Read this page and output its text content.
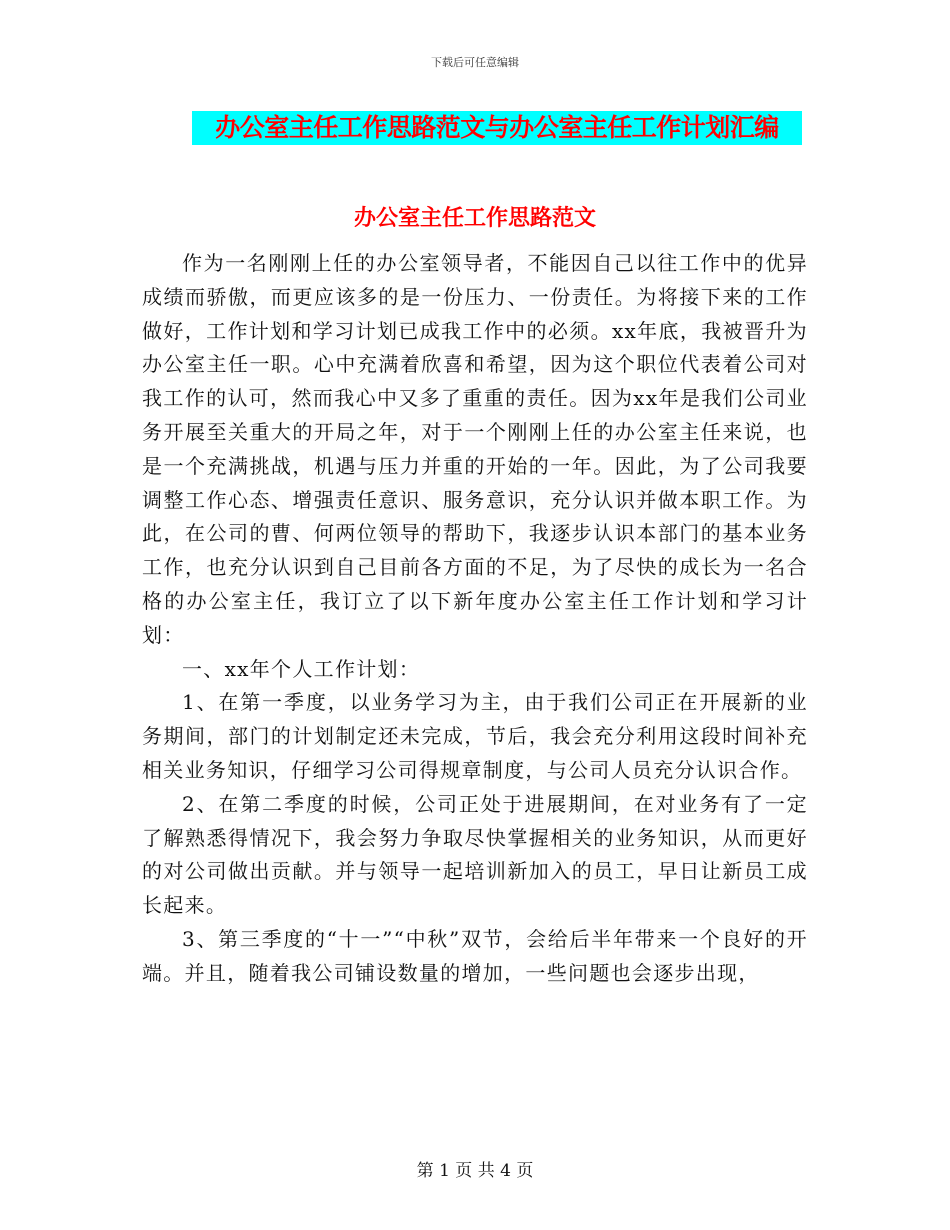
下载后可任意编辑
办公室主任工作思路范文与办公室主任工作计划汇编
办公室主任工作思路范文

作为一名刚刚上任的办公室领导者，不能因自己以往工作中的优异成绩而骄傲，而更应该多的是一份压力、一份责任。为将接下来的工作做好，工作计划和学习计划已成我工作中的必须。xx年底，我被晋升为办公室主任一职。心中充满着欣喜和希望，因为这个职位代表着公司对我工作的认可，然而我心中又多了重重的责任。因为xx年是我们公司业务开展至关重大的开局之年，对于一个刚刚上任的办公室主任来说，也是一个充满挑战，机遇与压力并重的开始的一年。因此，为了公司我要调整工作心态、增强责任意识、服务意识，充分认识并做本职工作。为此，在公司的曹、何两位领导的帮助下，我逐步认识本部门的基本业务工作，也充分认识到自己目前各方面的不足，为了尽快的成长为一名合格的办公室主任，我订立了以下新年度办公室主任工作计划和学习计划：

一、xx年个人工作计划：

1、在第一季度，以业务学习为主，由于我们公司正在开展新的业务期间，部门的计划制定还未完成，节后，我会充分利用这段时间补充相关业务知识，仔细学习公司得规章制度，与公司人员充分认识合作。

2、在第二季度的时候，公司正处于进展期间，在对业务有了一定了解熟悉得情况下，我会努力争取尽快掌握相关的业务知识，从而更好的对公司做出贡献。并与领导一起培训新加入的员工，早日让新员工成长起来。

3、第三季度的“十一”“中秋”双节，会给后半年带来一个良好的开端。并且，随着我公司铺设数量的增加，一些问题也会逐步出现，

第 1 页 共 4 页
